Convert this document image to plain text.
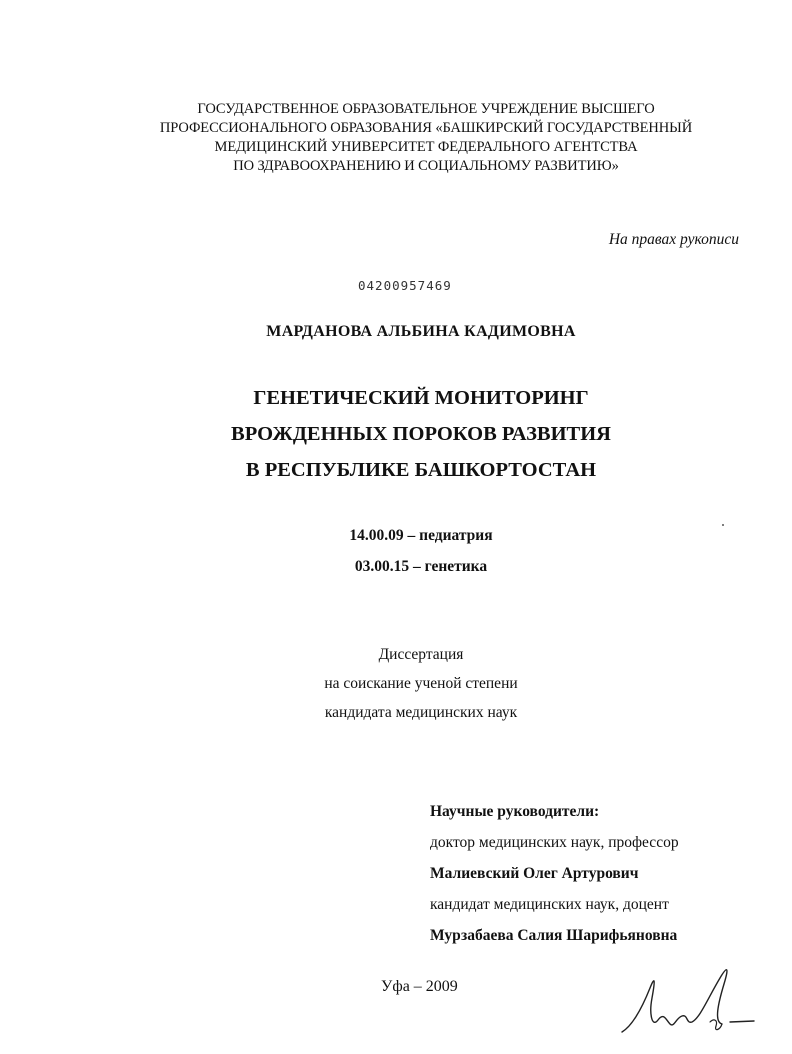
ГОСУДАРСТВЕННОЕ ОБРАЗОВАТЕЛЬНОЕ УЧРЕЖДЕНИЕ ВЫСШЕГО
ПРОФЕССИОНАЛЬНОГО ОБРАЗОВАНИЯ «БАШКИРСКИЙ ГОСУДАРСТВЕННЫЙ
МЕДИЦИНСКИЙ УНИВЕРСИТЕТ ФЕДЕРАЛЬНОГО АГЕНТСТВА
ПО ЗДРАВООХРАНЕНИЮ И СОЦИАЛЬНОМУ РАЗВИТИЮ»
На правах рукописи
04200957469
МАРДАНОВА АЛЬБИНА КАДИМОВНА
ГЕНЕТИЧЕСКИЙ МОНИТОРИНГ
ВРОЖДЕННЫХ ПОРОКОВ РАЗВИТИЯ
В РЕСПУБЛИКЕ БАШКОРТОСТАН
14.00.09 – педиатрия
03.00.15 – генетика
Диссертация
на соискание ученой степени
кандидата медицинских наук
Научные руководители:
доктор медицинских наук, профессор
Малиевский Олег Артурович
кандидат медицинских наук, доцент
Мурзабаева Салия Шарифьяновна
Уфа – 2009
